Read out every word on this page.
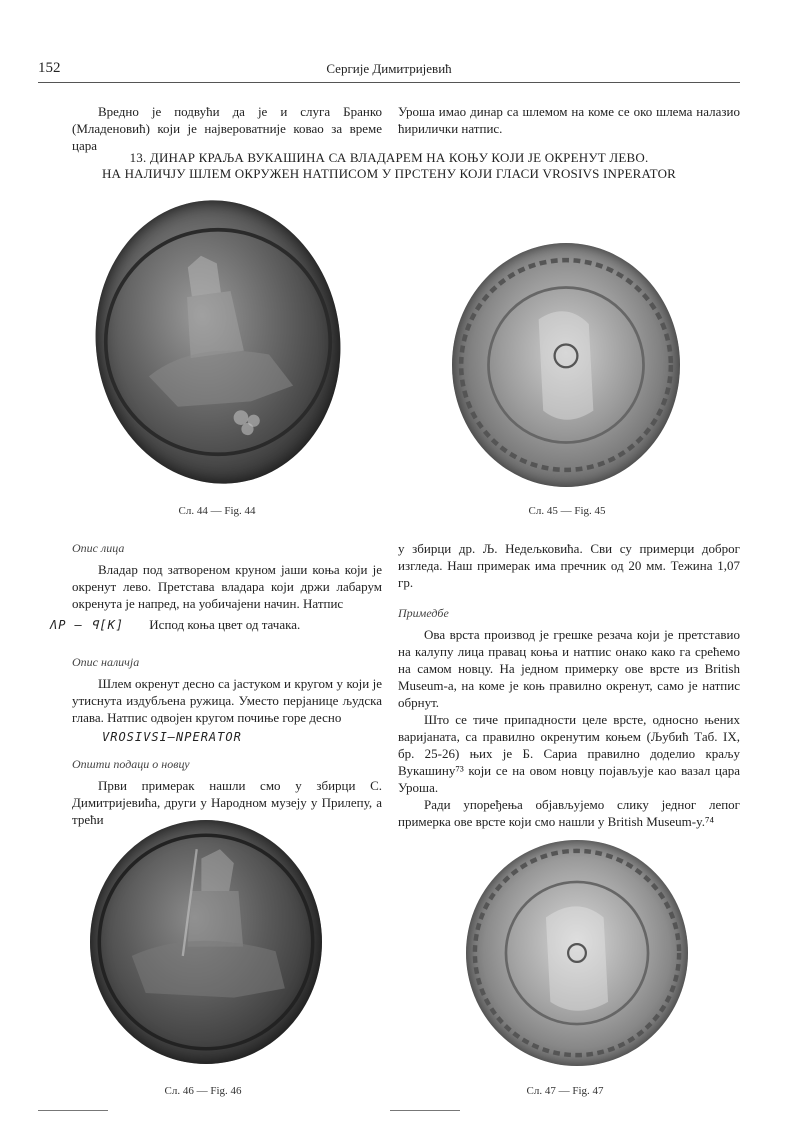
152	Сергије Димитријевић

Вредно је подвући да је и слуга Бранко (Младеновић) који је највероватније ковао за време цара

Уроша имао динар са шлемом на коме се око шлема налазио ћирилички натпис.

13. ДИНАР КРАЉА ВУКАШИНА СА ВЛАДАРЕМ НА КОЊУ КОЈИ ЈЕ ОКРЕНУТ ЛЕВО.
НА НАЛИЧЈУ ШЛЕМ ОКРУЖЕН НАТПИСОМ У ПРСТЕНУ КОЈИ ГЛАСИ VROSIVS INPERATOR
Сл. 44 — Fig. 44	Сл. 45 — Fig. 45
Сл. 46 — Fig. 46	Сл. 47 — Fig. 47
Опис лица

Владар под затвореном круном јаши коња који је окренут лево. Претстава владара који држи лабарум окренута је напред, на уобичајени начин. Натпис

ΛΡ — ꟼ[K] Испод коња цвет од тачака.
Опис наличја

Шлем окренут десно са јастуком и кругом у који је утиснута издубљена ружица. Уместо перјанице људска глава. Натпис одвојен кругом почиње горе десно

VROSIVSI—NPERATOR
Општи подаци о новцу

Први примерак нашли смо у збирци С. Димитријевића, други у Народном музеју у Прилепу, а трећи

у збирци др. Љ. Недељковића. Сви су примерци доброг изгледа. Наш примерак има пречник од 20 мм. Тежина 1,07 гр.

Примедбе

Ова врста производ је грешке резача који је претставио на калупу лица правац коња и натпис онако како га срећемо на самом новцу. На једном примерку ове врсте из British Museum-a, на коме је коњ правилно окренут, само је натпис обрнут.

Што се тиче припадности целе врсте, односно њених варијаната, са правилно окренутим коњем (Љубић Таб. IX, бр. 25-26) њих је Б. Сариа правилно доделио краљу Вукашину⁷³ који се на овом новцу појављује као вазал цара Уроша.

Ради упоређења објављујемо слику једног лепог примерка ове врсте који смо нашли у British Museum-y.⁷⁴
